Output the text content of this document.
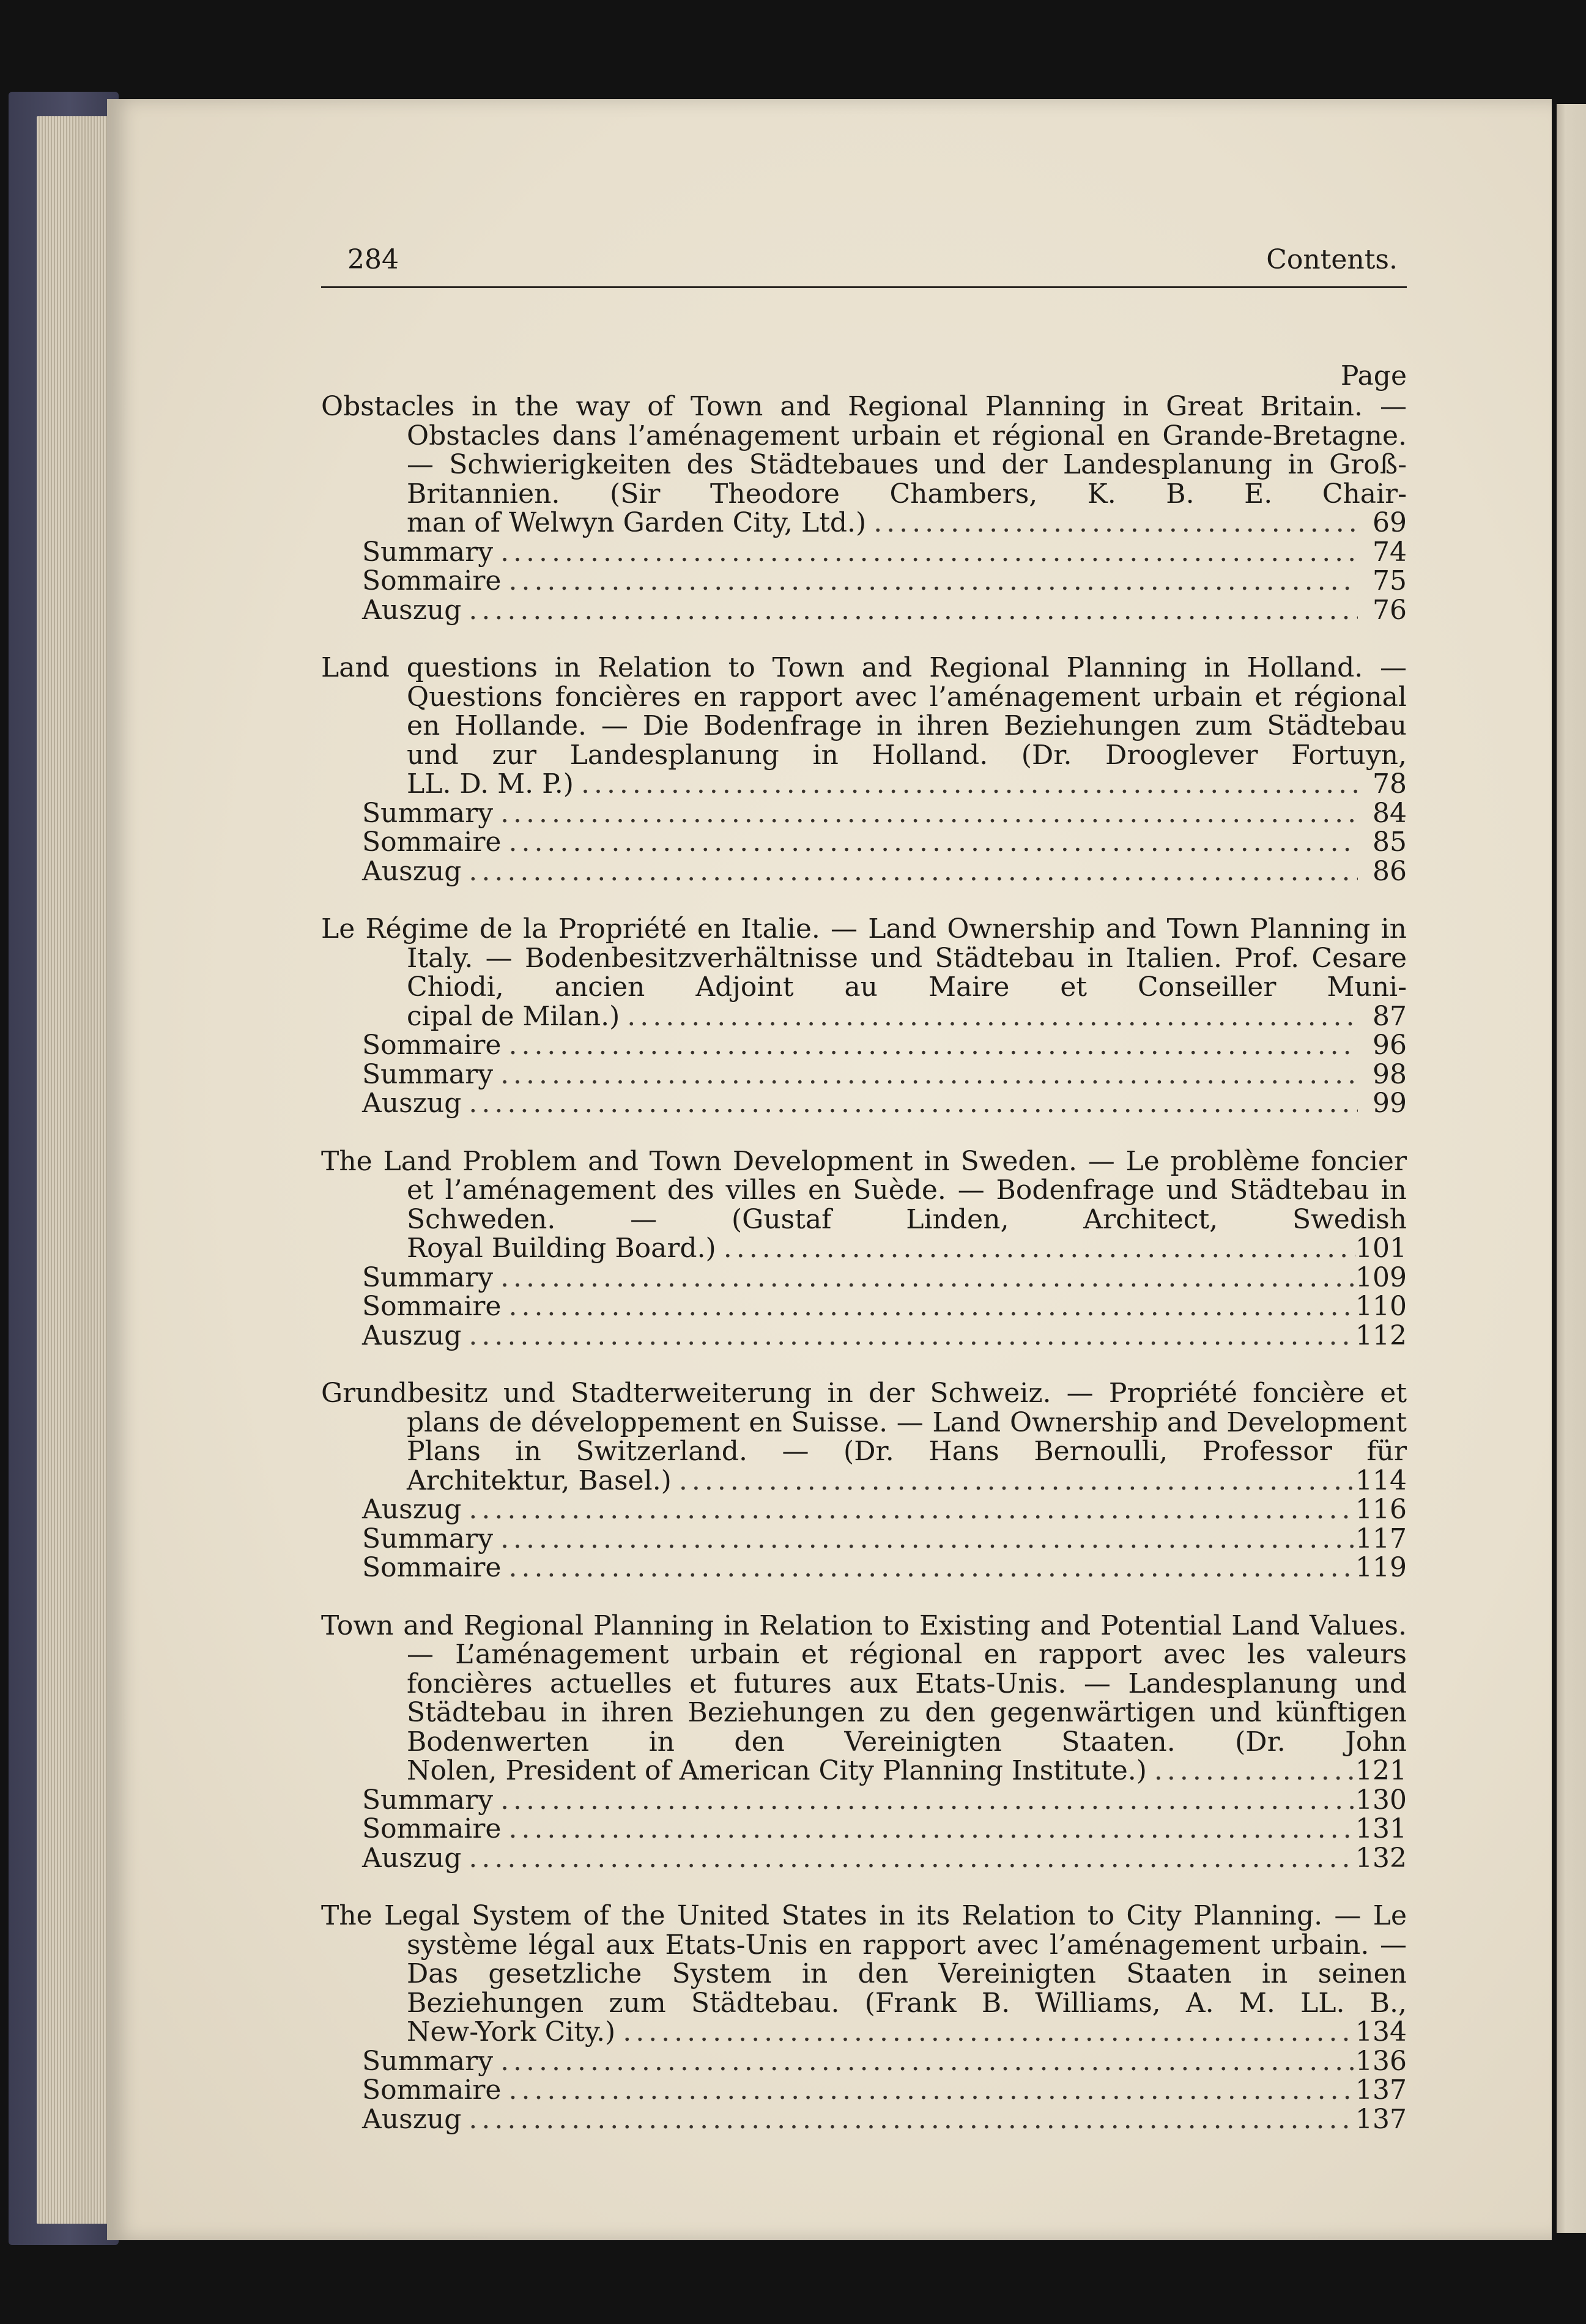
284	Contents.
Page
Obstacles in the way of Town and Regional Planning in Great Britain. — Obstacles dans l’aménagement urbain et régional en Grande-Bretagne. — Schwierigkeiten des Städtebaues und der Landesplanung in Groß-Britannien. (Sir Theodore Chambers, K. B. E. Chair-
man of Welwyn Garden City, Ltd.) .....	69
Summary .....	74
Sommaire .....	75
Auszug .....	76
Land questions in Relation to Town and Regional Planning in Holland. — Questions foncières en rapport avec l’aménagement urbain et régional en Hollande. — Die Bodenfrage in ihren Beziehungen zum Städtebau und zur Landesplanung in Holland. (Dr. Drooglever Fortuyn,
LL. D. M. P.) .....	78
Summary .....	84
Sommaire .....	85
Auszug .....	86
Le Régime de la Propriété en Italie. — Land Ownership and Town Planning in Italy. — Bodenbesitzverhältnisse und Städtebau in Italien. Prof. Cesare Chiodi, ancien Adjoint au Maire et Conseiller Muni-
cipal de Milan.) .....	87
Sommaire .....	96
Summary .....	98
Auszug .....	99
The Land Problem and Town Development in Sweden. — Le problème foncier et l’aménagement des villes en Suède. — Bodenfrage und Städtebau in Schweden. — (Gustaf Linden, Architect, Swedish
Royal Building Board.) .....	101
Summary .....	109
Sommaire .....	110
Auszug .....	112
Grundbesitz und Stadterweiterung in der Schweiz. — Propriété foncière et plans de développement en Suisse. — Land Ownership and Development Plans in Switzerland. — (Dr. Hans Bernoulli, Professor für
Architektur, Basel.) .....	114
Auszug .....	116
Summary .....	117
Sommaire .....	119
Town and Regional Planning in Relation to Existing and Potential Land Values. — L’aménagement urbain et régional en rapport avec les valeurs foncières actuelles et futures aux Etats-Unis. — Landesplanung und Städtebau in ihren Beziehungen zu den gegenwärtigen und künftigen Bodenwerten in den Vereinigten Staaten. (Dr. John
Nolen, President of American City Planning Institute.) .....	121
Summary .....	130
Sommaire .....	131
Auszug .....	132
The Legal System of the United States in its Relation to City Planning. — Le système légal aux Etats-Unis en rapport avec l’aménagement urbain. — Das gesetzliche System in den Vereinigten Staaten in seinen Beziehungen zum Städtebau. (Frank B. Williams, A. M. LL. B.,
New-York City.) .....	134
Summary .....	136
Sommaire .....	137
Auszug .....	137
